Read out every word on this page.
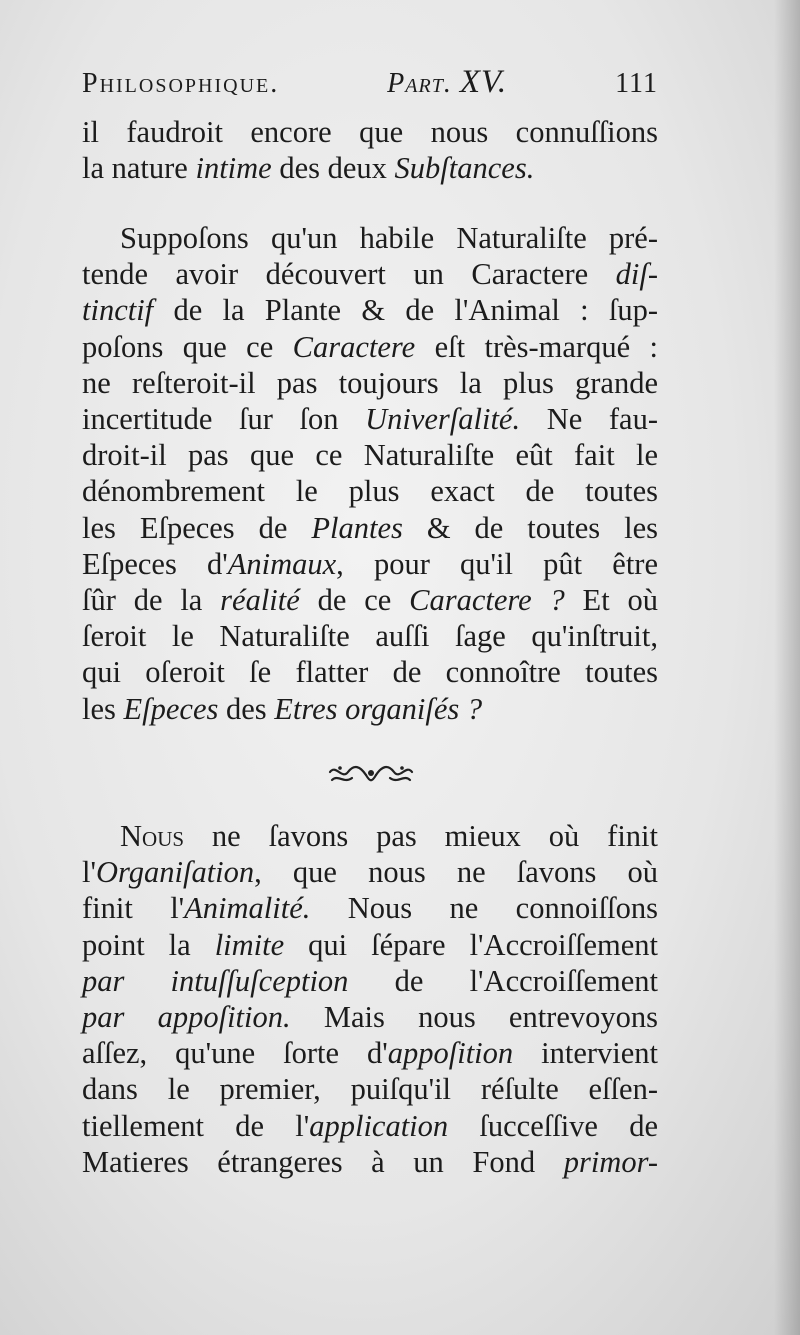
Philosophique.	Part. XV.	111
il faudroit encore que nous connuſſions
la nature intime des deux Subſtances.
Suppoſons qu'un habile Naturaliſte pré-
tende avoir découvert un Caractere diſ-
tinctif de la Plante & de l'Animal : ſup-
poſons que ce Caractere eſt très-marqué :
ne reſteroit-il pas toujours la plus grande
incertitude ſur ſon Univerſalité. Ne fau-
droit-il pas que ce Naturaliſte eût fait le
dénombrement le plus exact de toutes
les Eſpeces de Plantes & de toutes les
Eſpeces d'Animaux, pour qu'il pût être
ſûr de la réalité de ce Caractere ? Et où
ſeroit le Naturaliſte auſſi ſage qu'inſtruit,
qui oſeroit ſe flatter de connoître toutes
les Eſpeces des Etres organiſés ?
Nous ne ſavons pas mieux où finit
l'Organiſation, que nous ne ſavons où
finit l'Animalité. Nous ne connoiſſons
point la limite qui ſépare l'Accroiſſement
par intuſſuſception de l'Accroiſſement
par appoſition. Mais nous entrevoyons
aſſez, qu'une ſorte d'appoſition intervient
dans le premier, puiſqu'il réſulte eſſen-
tiellement de l'application ſucceſſive de
Matieres étrangeres à un Fond primor-
